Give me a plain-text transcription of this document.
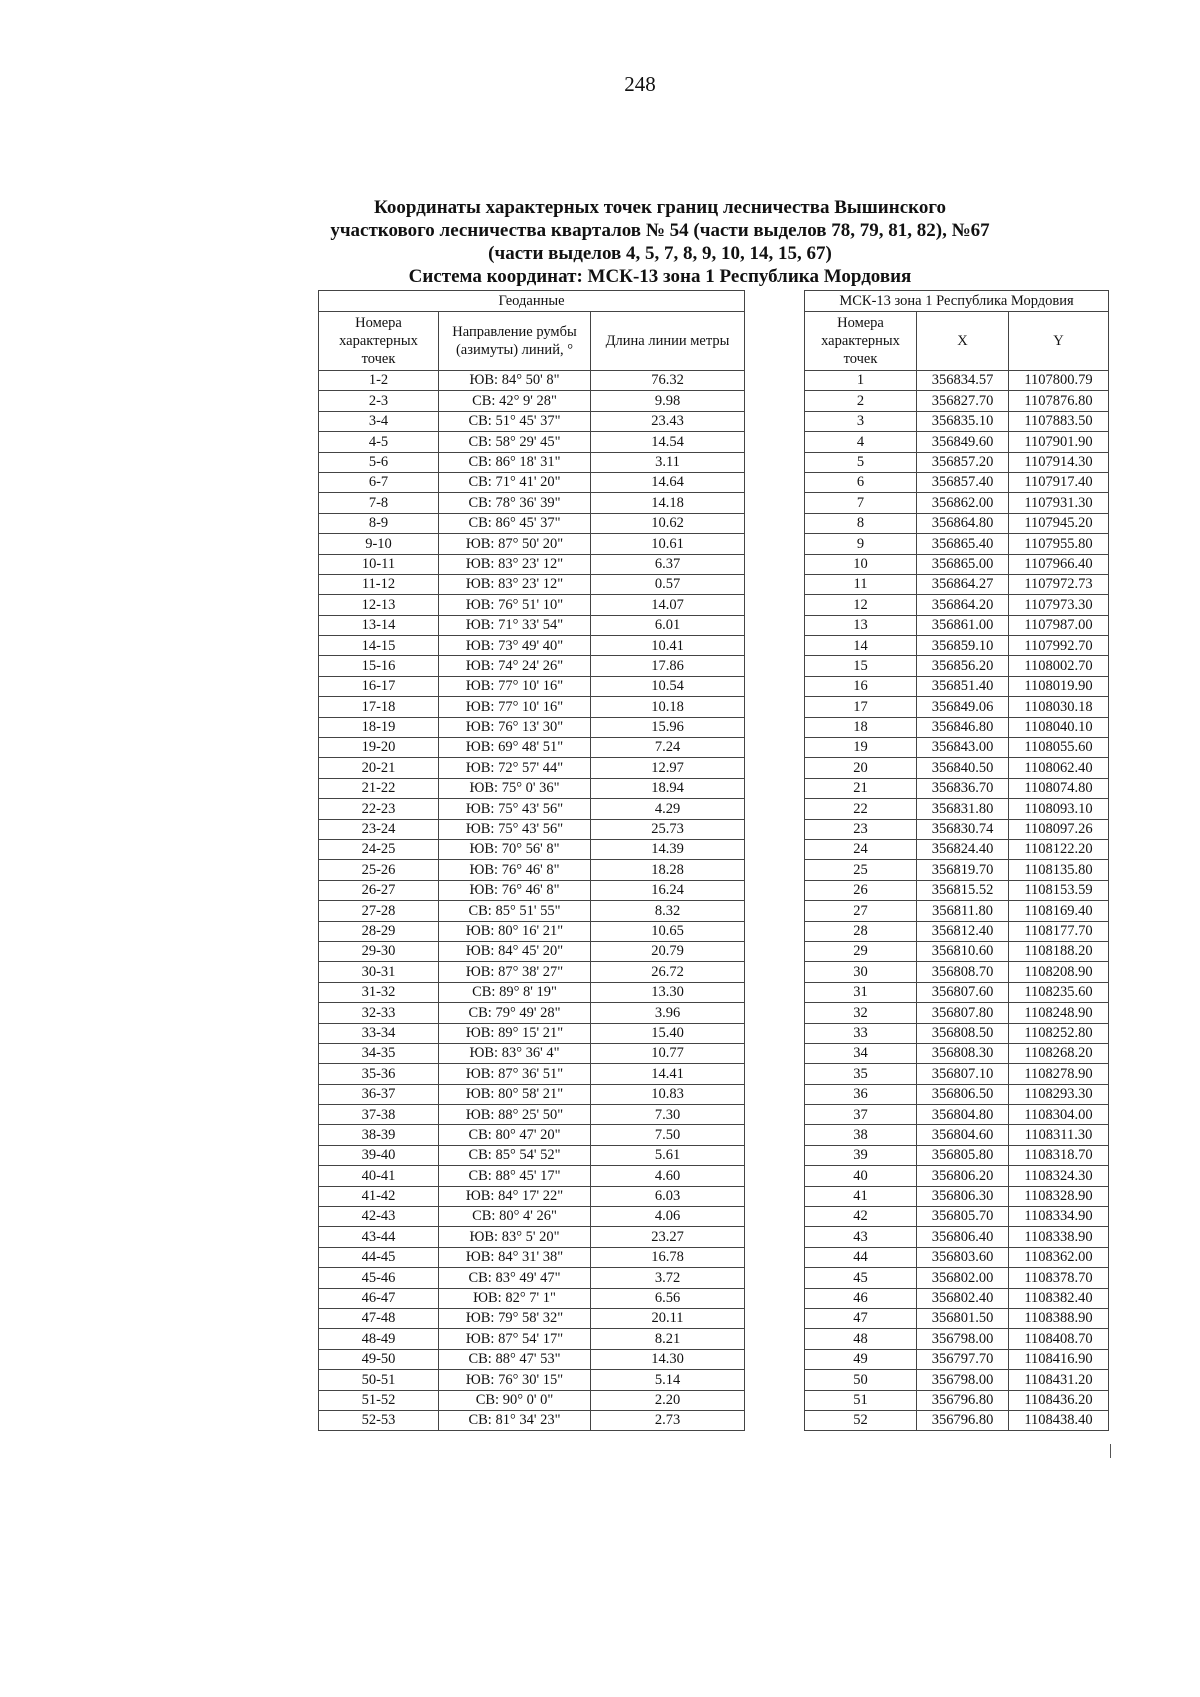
248
Координаты характерных точек границ лесничества Вышинского
участкового лесничества кварталов № 54 (части выделов 78, 79, 81, 82), №67
(части выделов 4, 5, 7, 8, 9, 10, 14, 15, 67)
Система координат: МСК-13 зона 1 Республика Мордовия
Геоданные		
Номера характерных точек	Направление румбы (азимуты) линий, °	Длина линии метры
1-2	ЮВ: 84° 50' 8"	76.32
2-3	СВ: 42° 9' 28"	9.98
3-4	СВ: 51° 45' 37"	23.43
4-5	СВ: 58° 29' 45"	14.54
5-6	СВ: 86° 18' 31"	3.11
6-7	СВ: 71° 41' 20"	14.64
7-8	СВ: 78° 36' 39"	14.18
8-9	СВ: 86° 45' 37"	10.62
9-10	ЮВ: 87° 50' 20"	10.61
10-11	ЮВ: 83° 23' 12"	6.37
11-12	ЮВ: 83° 23' 12"	0.57
12-13	ЮВ: 76° 51' 10"	14.07
13-14	ЮВ: 71° 33' 54"	6.01
14-15	ЮВ: 73° 49' 40"	10.41
15-16	ЮВ: 74° 24' 26"	17.86
16-17	ЮВ: 77° 10' 16"	10.54
17-18	ЮВ: 77° 10' 16"	10.18
18-19	ЮВ: 76° 13' 30"	15.96
19-20	ЮВ: 69° 48' 51"	7.24
20-21	ЮВ: 72° 57' 44"	12.97
21-22	ЮВ: 75° 0' 36"	18.94
22-23	ЮВ: 75° 43' 56"	4.29
23-24	ЮВ: 75° 43' 56"	25.73
24-25	ЮВ: 70° 56' 8"	14.39
25-26	ЮВ: 76° 46' 8"	18.28
26-27	ЮВ: 76° 46' 8"	16.24
27-28	СВ: 85° 51' 55"	8.32
28-29	ЮВ: 80° 16' 21"	10.65
29-30	ЮВ: 84° 45' 20"	20.79
30-31	ЮВ: 87° 38' 27"	26.72
31-32	СВ: 89° 8' 19"	13.30
32-33	СВ: 79° 49' 28"	3.96
33-34	ЮВ: 89° 15' 21"	15.40
34-35	ЮВ: 83° 36' 4"	10.77
35-36	ЮВ: 87° 36' 51"	14.41
36-37	ЮВ: 80° 58' 21"	10.83
37-38	ЮВ: 88° 25' 50"	7.30
38-39	СВ: 80° 47' 20"	7.50
39-40	СВ: 85° 54' 52"	5.61
40-41	СВ: 88° 45' 17"	4.60
41-42	ЮВ: 84° 17' 22"	6.03
42-43	СВ: 80° 4' 26"	4.06
43-44	ЮВ: 83° 5' 20"	23.27
44-45	ЮВ: 84° 31' 38"	16.78
45-46	СВ: 83° 49' 47"	3.72
46-47	ЮВ: 82° 7' 1"	6.56
47-48	ЮВ: 79° 58' 32"	20.11
48-49	ЮВ: 87° 54' 17"	8.21
49-50	СВ: 88° 47' 53"	14.30
50-51	ЮВ: 76° 30' 15"	5.14
51-52	СВ: 90° 0' 0"	2.20
52-53	СВ: 81° 34' 23"	2.73
МСК-13 зона 1 Республика Мордовия		
Номера характерных точек	X	Y
1	356834.57	1107800.79
2	356827.70	1107876.80
3	356835.10	1107883.50
4	356849.60	1107901.90
5	356857.20	1107914.30
6	356857.40	1107917.40
7	356862.00	1107931.30
8	356864.80	1107945.20
9	356865.40	1107955.80
10	356865.00	1107966.40
11	356864.27	1107972.73
12	356864.20	1107973.30
13	356861.00	1107987.00
14	356859.10	1107992.70
15	356856.20	1108002.70
16	356851.40	1108019.90
17	356849.06	1108030.18
18	356846.80	1108040.10
19	356843.00	1108055.60
20	356840.50	1108062.40
21	356836.70	1108074.80
22	356831.80	1108093.10
23	356830.74	1108097.26
24	356824.40	1108122.20
25	356819.70	1108135.80
26	356815.52	1108153.59
27	356811.80	1108169.40
28	356812.40	1108177.70
29	356810.60	1108188.20
30	356808.70	1108208.90
31	356807.60	1108235.60
32	356807.80	1108248.90
33	356808.50	1108252.80
34	356808.30	1108268.20
35	356807.10	1108278.90
36	356806.50	1108293.30
37	356804.80	1108304.00
38	356804.60	1108311.30
39	356805.80	1108318.70
40	356806.20	1108324.30
41	356806.30	1108328.90
42	356805.70	1108334.90
43	356806.40	1108338.90
44	356803.60	1108362.00
45	356802.00	1108378.70
46	356802.40	1108382.40
47	356801.50	1108388.90
48	356798.00	1108408.70
49	356797.70	1108416.90
50	356798.00	1108431.20
51	356796.80	1108436.20
52	356796.80	1108438.40
